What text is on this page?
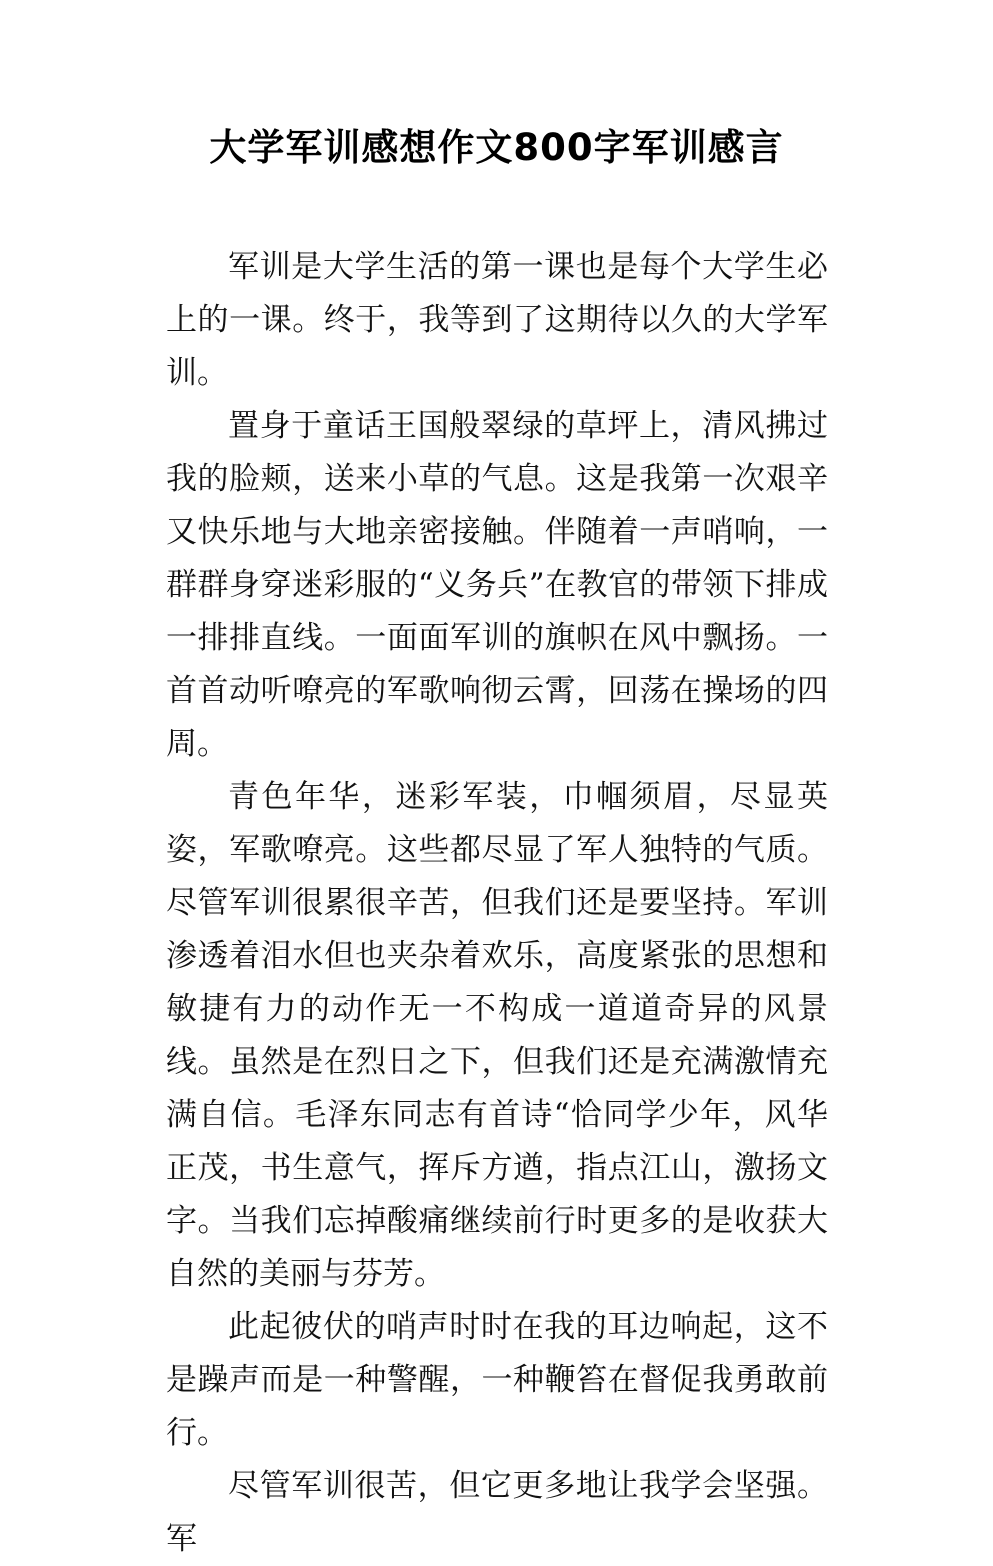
大学军训感想作文800字军训感言

军训是大学生活的第一课也是每个大学生必上的一课。终于，我等到了这期待以久的大学军训。

置身于童话王国般翠绿的草坪上，清风拂过我的脸颊，送来小草的气息。这是我第一次艰辛又快乐地与大地亲密接触。伴随着一声哨响，一群群身穿迷彩服的“义务兵”在教官的带领下排成一排排直线。一面面军训的旗帜在风中飘扬。一首首动听嘹亮的军歌响彻云霄，回荡在操场的四周。

青色年华，迷彩军装，巾帼须眉，尽显英姿，军歌嘹亮。这些都尽显了军人独特的气质。尽管军训很累很辛苦，但我们还是要坚持。军训渗透着泪水但也夹杂着欢乐，高度紧张的思想和敏捷有力的动作无一不构成一道道奇异的风景线。虽然是在烈日之下，但我们还是充满激情充满自信。毛泽东同志有首诗“恰同学少年，风华正茂，书生意气，挥斥方遒，指点江山，激扬文字。当我们忘掉酸痛继续前行时更多的是收获大自然的美丽与芬芳。

此起彼伏的哨声时时在我的耳边响起，这不是躁声而是一种警醒，一种鞭笞在督促我勇敢前行。

尽管军训很苦，但它更多地让我学会坚强。军
